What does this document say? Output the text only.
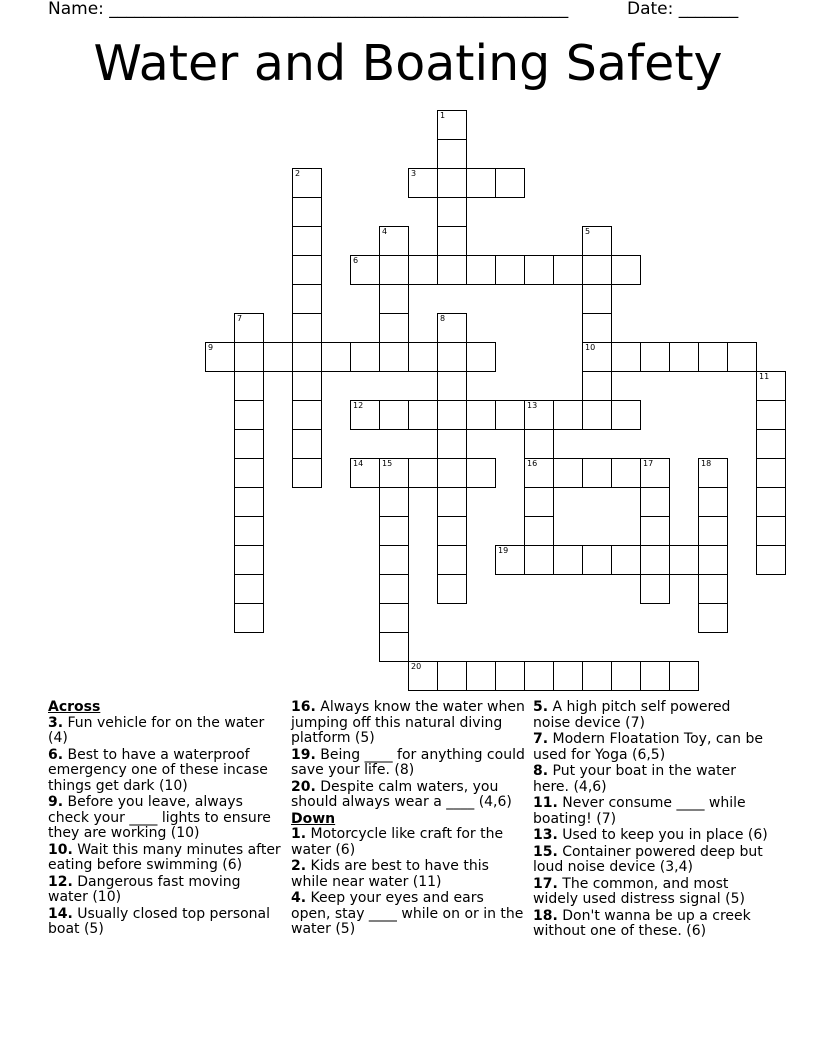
Name: ______________________________________________________	Date: _______
Water and Boating Safety
1
2	3
4	5
10
6
7	8
9
11
12	13
16
14 15	17	18
19
20

Across

3. Fun vehicle for on the water (4)

6. Best to have a waterproof emergency one of these incase things get dark (10)

9. Before you leave, always check your ____ lights to ensure they are working (10)

10. Wait this many minutes after eating before swimming (6)

12. Dangerous fast moving water (10)

14. Usually closed top personal boat (5)

16. Always know the water when jumping off this natural diving platform (5)

19. Being ____ for anything could save your life. (8)

20. Despite calm waters, you should always wear a ____ (4,6)

Down

1. Motorcycle like craft for the water (6)

2. Kids are best to have this while near water (11)

4. Keep your eyes and ears open, stay ____ while on or in the water (5)

5. A high pitch self powered noise device (7)

7. Modern Floatation Toy, can be used for Yoga (6,5)

8. Put your boat in the water here. (4,6)

11. Never consume ____ while boating! (7)

13. Used to keep you in place (6)

15. Container powered deep but loud noise device (3,4)

17. The common, and most widely used distress signal (5)

18. Don't wanna be up a creek without one of these. (6)
